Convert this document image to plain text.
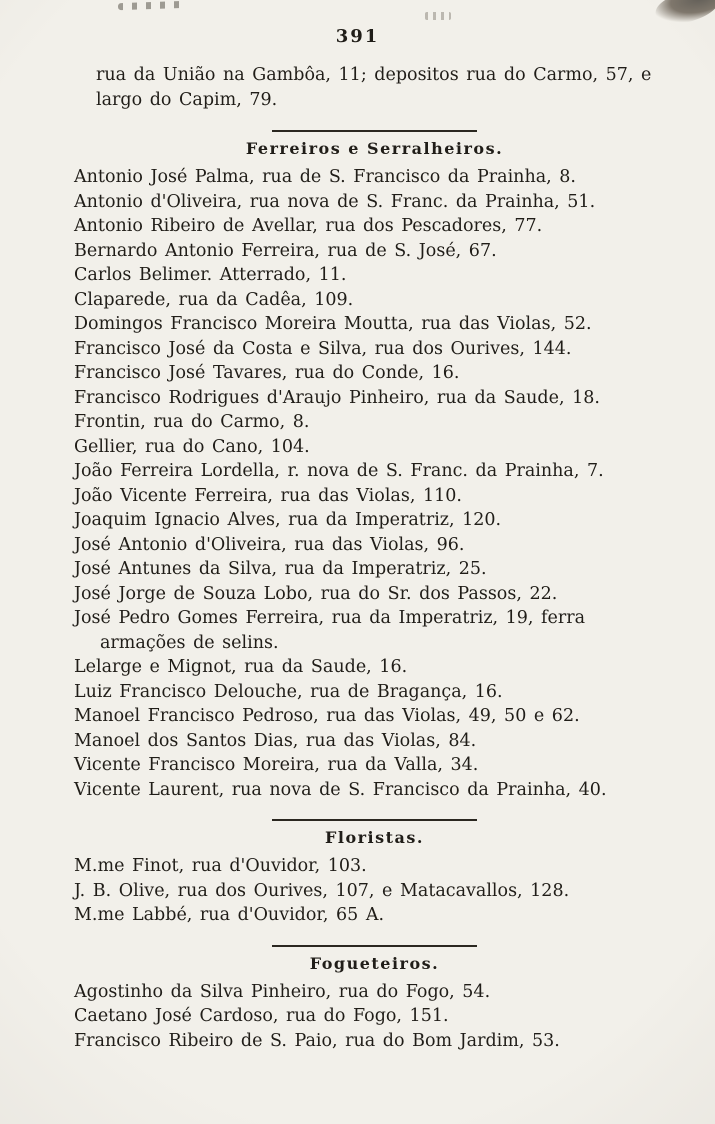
391
rua da União na Gambôa, 11; depositos rua do Carmo, 57, e largo do Capim, 79.
Ferreiros e Serralheiros.

Antonio José Palma, rua de S. Francisco da Prainha, 8.

Antonio d'Oliveira, rua nova de S. Franc. da Prainha, 51.

Antonio Ribeiro de Avellar, rua dos Pescadores, 77.

Bernardo Antonio Ferreira, rua de S. José, 67.

Carlos Belimer. Atterrado, 11.

Claparede, rua da Cadêa, 109.

Domingos Francisco Moreira Moutta, rua das Violas, 52.

Francisco José da Costa e Silva, rua dos Ourives, 144.

Francisco José Tavares, rua do Conde, 16.

Francisco Rodrigues d'Araujo Pinheiro, rua da Saude, 18.

Frontin, rua do Carmo, 8.

Gellier, rua do Cano, 104.

João Ferreira Lordella, r. nova de S. Franc. da Prainha, 7.

João Vicente Ferreira, rua das Violas, 110.

Joaquim Ignacio Alves, rua da Imperatriz, 120.

José Antonio d'Oliveira, rua das Violas, 96.

José Antunes da Silva, rua da Imperatriz, 25.

José Jorge de Souza Lobo, rua do Sr. dos Passos, 22.

José Pedro Gomes Ferreira, rua da Imperatriz, 19, ferra armações de selins.

Lelarge e Mignot, rua da Saude, 16.

Luiz Francisco Delouche, rua de Bragança, 16.

Manoel Francisco Pedroso, rua das Violas, 49, 50 e 62.

Manoel dos Santos Dias, rua das Violas, 84.

Vicente Francisco Moreira, rua da Valla, 34.

Vicente Laurent, rua nova de S. Francisco da Prainha, 40.

Floristas.

M.me Finot, rua d'Ouvidor, 103.

J. B. Olive, rua dos Ourives, 107, e Matacavallos, 128.

M.me Labbé, rua d'Ouvidor, 65 A.

Fogueteiros.

Agostinho da Silva Pinheiro, rua do Fogo, 54.

Caetano José Cardoso, rua do Fogo, 151.

Francisco Ribeiro de S. Paio, rua do Bom Jardim, 53.
